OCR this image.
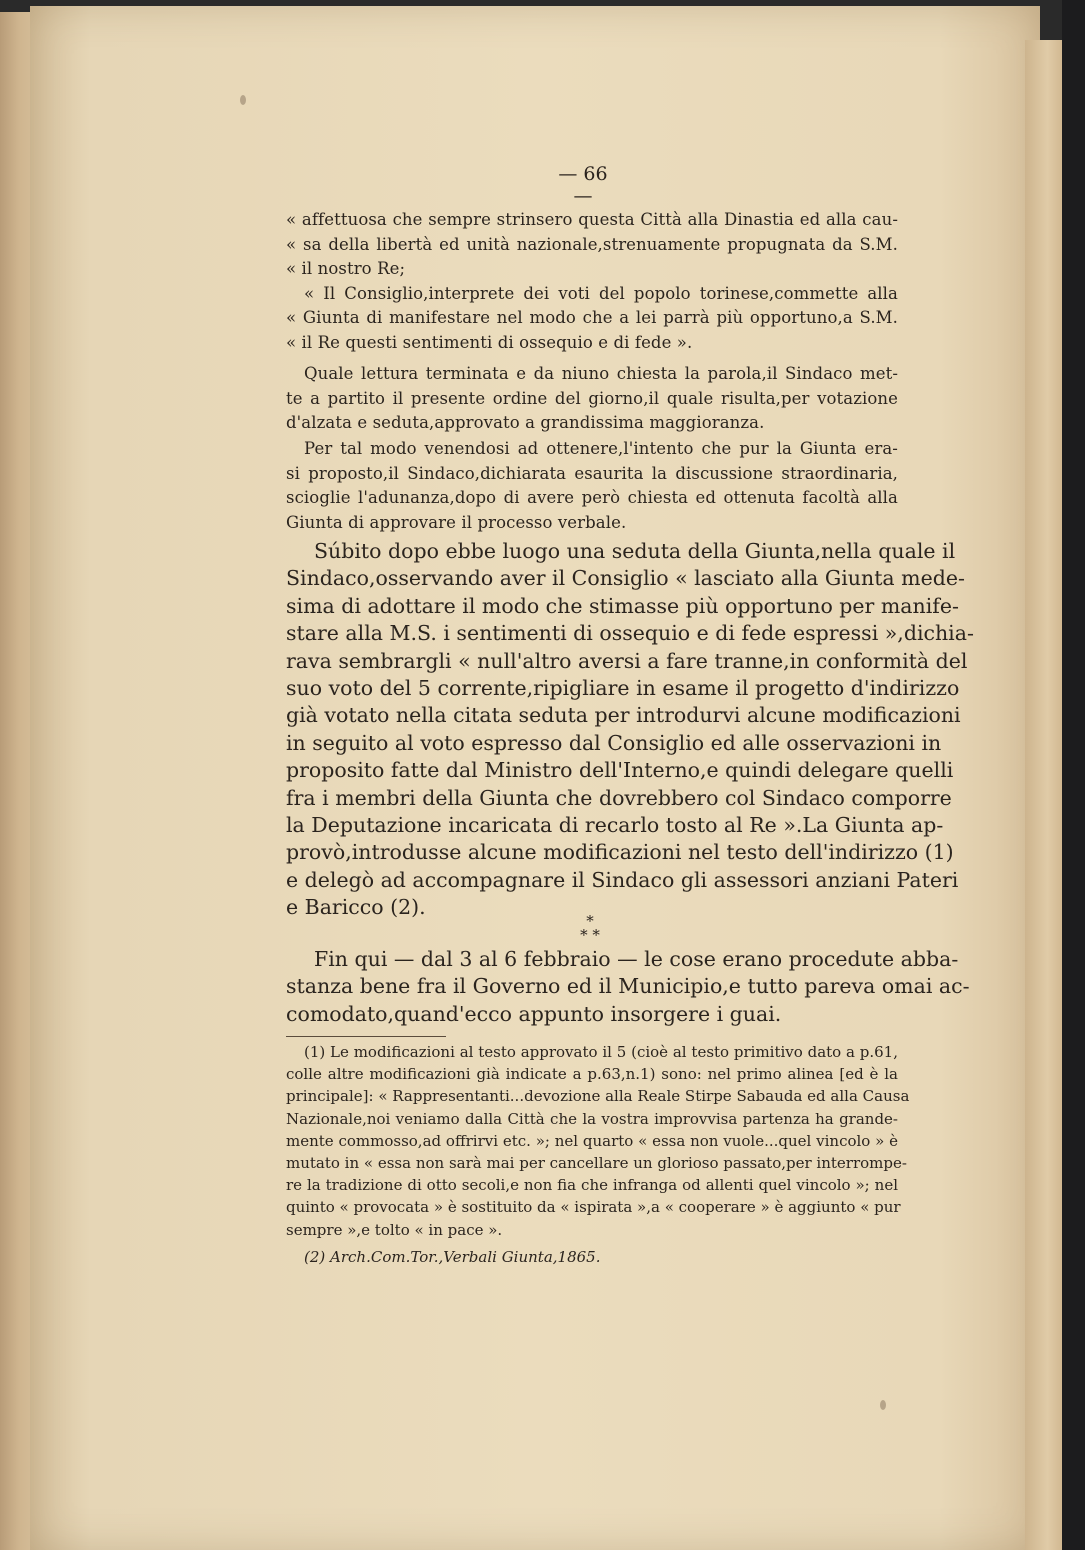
— 66 —
« affettuosa che sempre strinsero questa Città alla Dinastia ed alla cau-
« sa della libertà ed unità nazionale,strenuamente propugnata da S.M.
« il nostro Re;
« Il Consiglio,interprete dei voti del popolo torinese,commette alla
« Giunta di manifestare nel modo che a lei parrà più opportuno,a S.M.
« il Re questi sentimenti di ossequio e di fede ».
Quale lettura terminata e da niuno chiesta la parola,il Sindaco met-
te a partito il presente ordine del giorno,il quale risulta,per votazione
d'alzata e seduta,approvato a grandissima maggioranza.
Per tal modo venendosi ad ottenere,l'intento che pur la Giunta era-
si proposto,il Sindaco,dichiarata esaurita la discussione straordinaria,
scioglie l'adunanza,dopo di avere però chiesta ed ottenuta facoltà alla
Giunta di approvare il processo verbale.
Súbito dopo ebbe luogo una seduta della Giunta,nella quale il
Sindaco,osservando aver il Consiglio « lasciato alla Giunta mede-
sima di adottare il modo che stimasse più opportuno per manife-
stare alla M.S. i sentimenti di ossequio e di fede espressi »,dichia-
rava sembrargli « null'altro aversi a fare tranne,in conformità del
suo voto del 5 corrente,ripigliare in esame il progetto d'indirizzo
già votato nella citata seduta per introdurvi alcune modificazioni
in seguito al voto espresso dal Consiglio ed alle osservazioni in
proposito fatte dal Ministro dell'Interno,e quindi delegare quelli
fra i membri della Giunta che dovrebbero col Sindaco comporre
la Deputazione incaricata di recarlo tosto al Re ».La Giunta ap-
provò,introdusse alcune modificazioni nel testo dell'indirizzo (1)
e delegò ad accompagnare il Sindaco gli assessori anziani Pateri
e Baricco (2).
*
* *
Fin qui — dal 3 al 6 febbraio — le cose erano procedute abba-
stanza bene fra il Governo ed il Municipio,e tutto pareva omai ac-
comodato,quand'ecco appunto insorgere i guai.
(1) Le modificazioni al testo approvato il 5 (cioè al testo primitivo dato a p.61,
colle altre modificazioni già indicate a p.63,n.1) sono: nel primo alinea [ed è la
principale]: « Rappresentanti...devozione alla Reale Stirpe Sabauda ed alla Causa
Nazionale,noi veniamo dalla Città che la vostra improvvisa partenza ha grande-
mente commosso,ad offrirvi etc. »; nel quarto « essa non vuole...quel vincolo » è
mutato in « essa non sarà mai per cancellare un glorioso passato,per interrompe-
re la tradizione di otto secoli,e non fia che infranga od allenti quel vincolo »; nel
quinto « provocata » è sostituito da « ispirata »,a « cooperare » è aggiunto « pur
sempre »,e tolto « in pace ».
(2) Arch.Com.Tor.,Verbali Giunta,1865.
